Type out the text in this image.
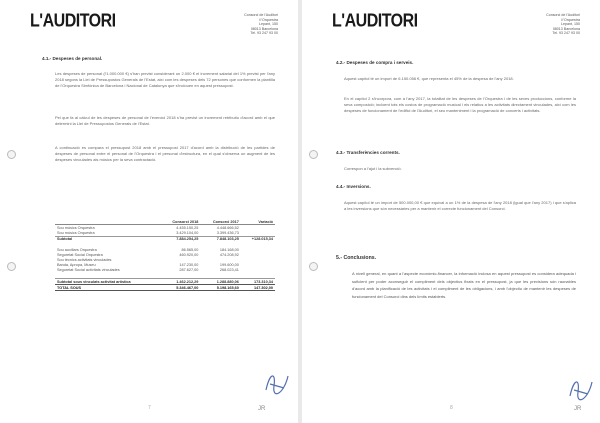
L'AUDITORI	Consorci de l'Auditori
i l'Orquestra
Lepant, 150
08013 Barcelona
Tel. 93 247 93 00
4.1.- Despeses de personal.
Les despeses de personal (l'1.000.000 €) s'han previst considerant un 2.000 € el increment salarial del 1% previst per l'any 2018 segons la Llei de Pressupostos Generals de l'Estat, així com les despeses dels 72 persones que conformen la plantilla de l'Orquestra Simfònica de Barcelona i Nacional de Catalunya que s'inclouen en aquest pressupost.
Pel que fa al càlcul de les despeses de personal de l'exercici 2018 s'ha previst un increment retributiu d'acord amb el que determini la Llei de Pressupostos Generals de l'Estat.
A continuació es compara el pressupost 2018 amb el pressupost 2017 d'acord amb la distribució de les partides de despeses de personal entre el personal de l'Orquestra i el personal d'estructura, en el qual s'observa un augment de les despeses vinculades als músics per la seva contractació.
	Consorci 2018	Consorci 2017	Variació
Sou músics Orquestra	4.455.150,25	4.448.666,52	
Sou músics Orquestra	3.429.104,00	3.399.436,73	
Subtotal	7.884.254,25	7.848.103,25	+128.015,34

Sou auxiliars Orquestra	86.565,00	184.168,00	
Seguretat Social Orquestra	460.920,00	474.208,92	
Sou tècnics activitats vinculades			
Banda, Apropa, Museu	147.230,00	199.600,00	
Seguretat Social activitats vinculades	287.627,00	268.023,41	

Subtotal sous vinculats activitat artística	1.462.212,29	1.288.880,06	173.310,34
TOTAL SOUS	5.346.467,00	5.198.165,60	147.302,00
JR
7
L'AUDITORI	Consorci de l'Auditori
i l'Orquestra
Lepant, 150
08013 Barcelona
Tel. 93 247 93 00
4.2.- Despeses de compra i serveis.
Aquest capítol té un import de 6.150.056 €, que representa el 45% de la despesa de l'any 2018.
En el capítol 2 s'incorpora, com a l'any 2017, la totalitat de les despeses de l'Orquestra i de les seves produccions, conforme la seva composició; incloent tots els costos de programació musical i els relatius a les activitats directament vinculades, així com les despeses de funcionament de l'edifici de l'Auditori, el seu manteniment i la programació de concerts i activitats.
4.3.- Transferències corrents.
Correspon a l'ajut i la subvenció.
4.4.- Inversions.
Aquest capítol té un import de 500.000,00 € que equival a un 1% de la despesa de l'any 2018 (igual que l'any 2017) i que s'aplica a les inversions que són necessàries per a mantenir el correcte funcionament del Consorci.
5.- Conclusions.
A nivell general, en quant a l'aspecte econòmic-financer, la informació inclosa en aquest pressupost es considera adequada i suficient per poder aconseguir el compliment dels objectius fixats en el pressupost, ja que les previsions són raonables d'acord amb la planificació de les activitats i el compliment de les obligacions, i amb l'objectiu de mantenir les despeses de funcionament del Consorci dins dels límits establerts.
JR
8
